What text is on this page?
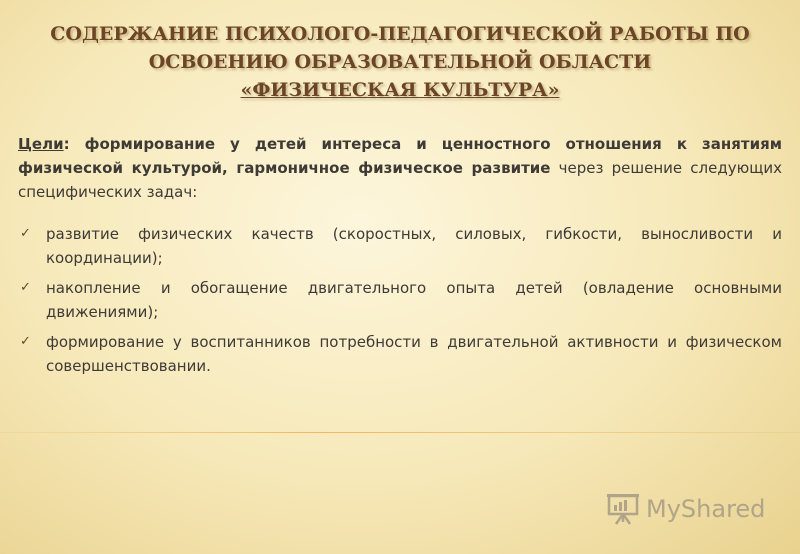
СОДЕРЖАНИЕ ПСИХОЛОГО-ПЕДАГОГИЧЕСКОЙ РАБОТЫ ПО
ОСВОЕНИЮ ОБРАЗОВАТЕЛЬНОЙ ОБЛАСТИ
«ФИЗИЧЕСКАЯ КУЛЬТУРА»

Цели: формирование у детей интереса и ценностного отношения к занятиям физической культурой, гармоничное физическое развитие через решение следующих специфических задач:

✓ развитие физических качеств (скоростных, силовых, гибкости, выносливости и координации);
✓ накопление и обогащение двигательного опыта детей (овладение основными движениями);
✓ формирование у воспитанников потребности в двигательной активности и физическом совершенствовании.
MyShared
